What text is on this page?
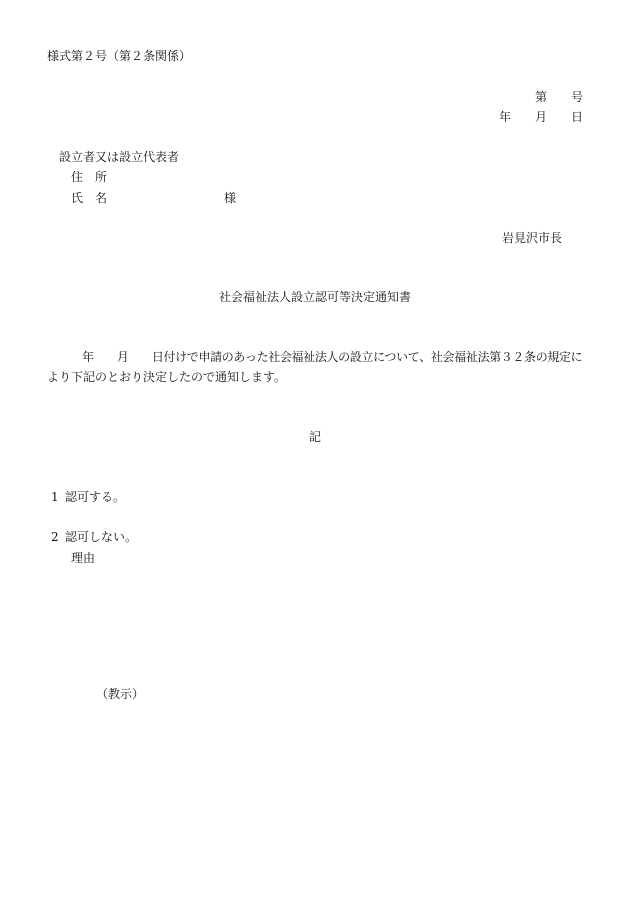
様式第２号（第２条関係）
第　　号
年　　月　　日
設立者又は設立代表者
住　所
氏　名	様
岩見沢市長
社会福祉法人設立認可等決定通知書
　　　年　　月　　日付けで申請のあった社会福祉法人の設立について、社会福祉法第３２条の規定に
より下記のとおり決定したので通知します。
記
1 認可する。
2 認可しない。
理由
（教示）
